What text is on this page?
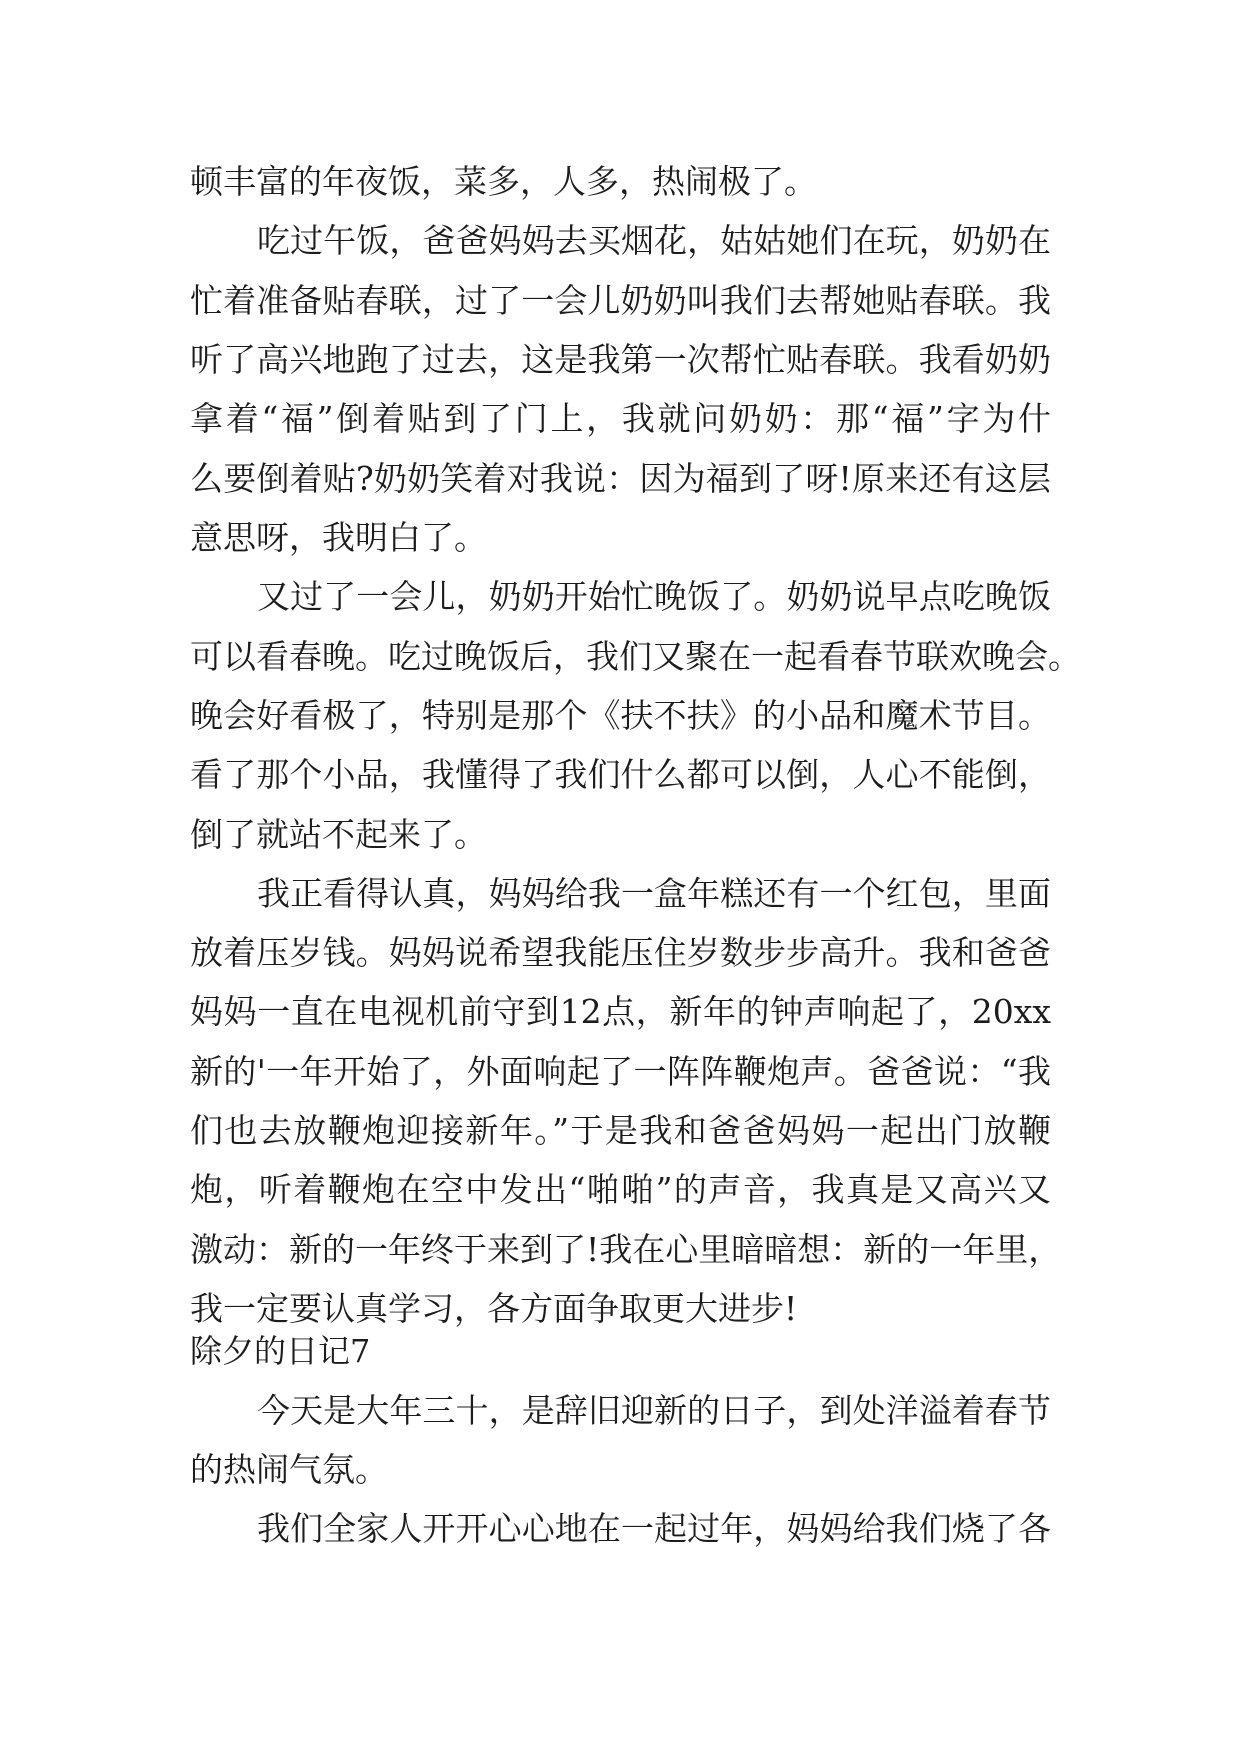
顿丰富的年夜饭，菜多，人多，热闹极了。
吃过午饭，爸爸妈妈去买烟花，姑姑她们在玩，奶奶在
忙着准备贴春联，过了一会儿奶奶叫我们去帮她贴春联。我
听了高兴地跑了过去，这是我第一次帮忙贴春联。我看奶奶
拿着“福”倒着贴到了门上，我就问奶奶：那“福”字为什
么要倒着贴?奶奶笑着对我说：因为福到了呀!原来还有这层
意思呀，我明白了。
又过了一会儿，奶奶开始忙晚饭了。奶奶说早点吃晚饭
可以看春晚。吃过晚饭后，我们又聚在一起看春节联欢晚会。
晚会好看极了，特别是那个《扶不扶》的小品和魔术节目。
看了那个小品，我懂得了我们什么都可以倒，人心不能倒，
倒了就站不起来了。
我正看得认真，妈妈给我一盒年糕还有一个红包，里面
放着压岁钱。妈妈说希望我能压住岁数步步高升。我和爸爸
妈妈一直在电视机前守到12点，新年的钟声响起了，20xx
新的'一年开始了，外面响起了一阵阵鞭炮声。爸爸说：“我
们也去放鞭炮迎接新年。”于是我和爸爸妈妈一起出门放鞭
炮，听着鞭炮在空中发出“啪啪”的声音，我真是又高兴又
激动：新的一年终于来到了!我在心里暗暗想：新的一年里，
我一定要认真学习，各方面争取更大进步!
除夕的日记7
今天是大年三十，是辞旧迎新的日子，到处洋溢着春节
的热闹气氛。
我们全家人开开心心地在一起过年，妈妈给我们烧了各
